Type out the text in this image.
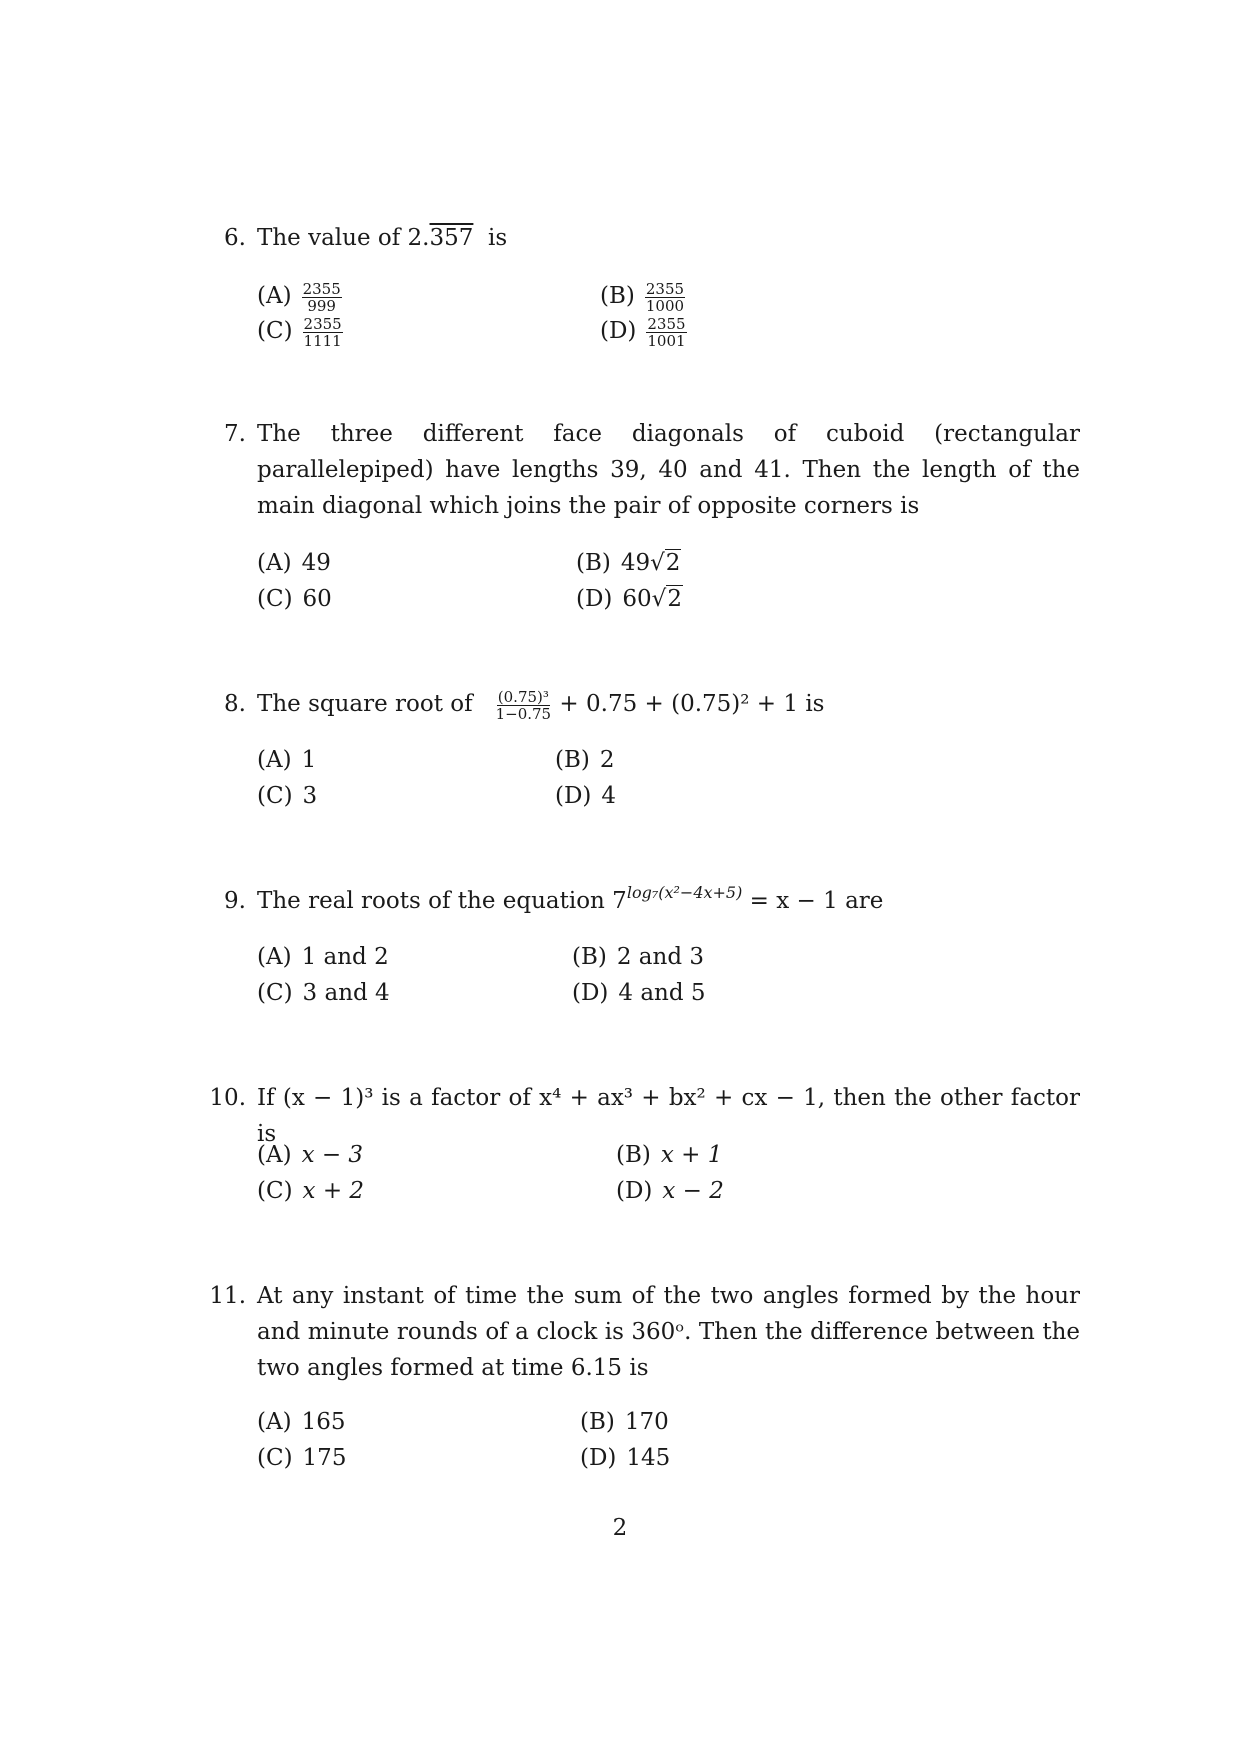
6. The value of 2.357 is
$(A) \frac{2355}{999}$	$(B) \frac{2355}{1000}$
$(C) \frac{2355}{1111}$	$(D) \frac{2355}{1001}$
7. The three different face diagonals of cuboid (rectangular parallelepiped) have lengths 39, 40 and 41. Then the length of the main diagonal which joins the pair of opposite corners is
(A) 49	(B) 49√2
(C) 60	(D) 60√2
8. The square root of $\frac{\text{(0.75)³}}{1-0.75} + 0.75 + (0.75)^2 + 1$ is
(A) 1	(B) 2
(C) 3	(D) 4
9. The real roots of the equation $7^{log_7(x^2-4x+5)} = x - 1$ are
(A) 1 and 2	(B) 2 and 3
(C) 3 and 4	(D) 4 and 5
10. If (x − 1)³ is a factor of x⁴ + ax³ + bx² + cx − 1, then the other factor is
(A) x − 3	(B) x + 1
(C) x + 2	(D) x − 2
11. At any instant of time the sum of the two angles formed by the hour and minute rounds of a clock is 360ᵒ. Then the difference between the two angles formed at time 6.15 is
(A) 165	(B) 170
(C) 175	(D) 145
2
